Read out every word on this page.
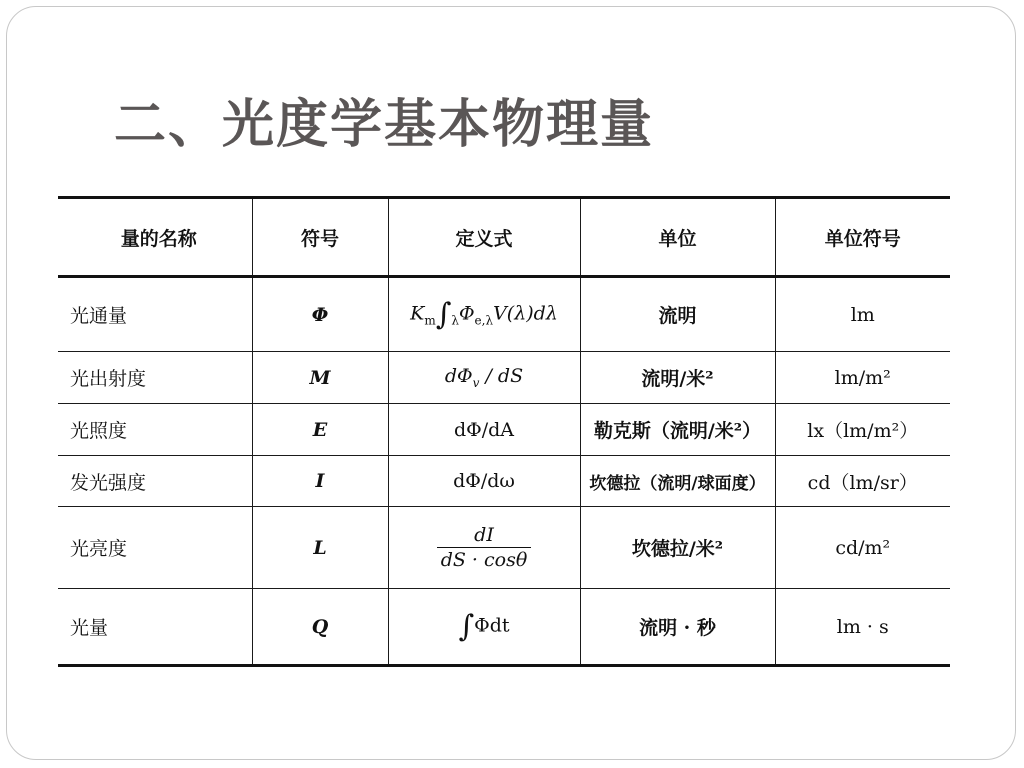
二、光度学基本物理量
量的名称	符号	定义式	单位	单位符号
光通量	Φ	$K_m\int_\lambda\Phi_{e,\lambda}V(\lambda)d\lambda$	流明	lm
光出射度	M	$d\Phi_v$ / dS	流明/米²	lm/m²
光照度	E	dΦ/dA	勒克斯（流明/米²）	lx（lm/m²）
发光强度	I	dΦ/dω	坎德拉（流明/球面度）	cd（lm/sr）
光亮度	L	$\frac{dI}{dS \cdot \cos\theta}$	坎德拉/米²	cd/m²
光量	Q	∫Φdt	流明 · 秒	lm · s
